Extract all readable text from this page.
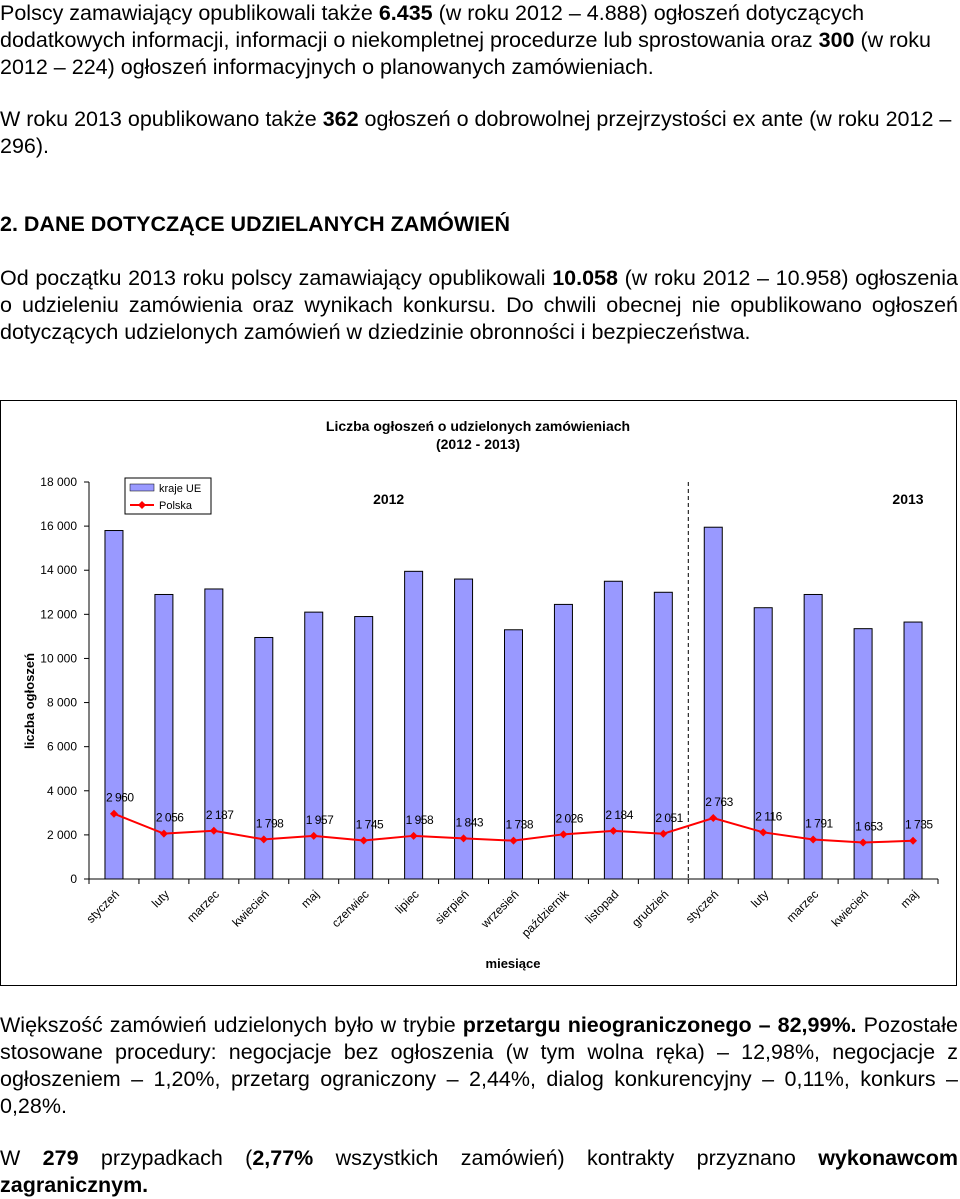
Polscy zamawiający opublikowali także 6.435 (w roku 2012 – 4.888) ogłoszeń dotyczących dodatkowych informacji, informacji o niekompletnej procedurze lub sprostowania oraz 300 (w roku 2012 – 224) ogłoszeń informacyjnych o planowanych zamówieniach.

W roku 2013 opublikowano także 362 ogłoszeń o dobrowolnej przejrzystości ex ante (w roku 2012 – 296).

2. DANE DOTYCZĄCE UDZIELANYCH ZAMÓWIEŃ

Od początku 2013 roku polscy zamawiający opublikowali 10.058 (w roku 2012 – 10.958) ogłoszenia o udzieleniu zamówienia oraz wynikach konkursu. Do chwili obecnej nie opublikowano ogłoszeń dotyczących udzielonych zamówień w dziedzinie obronności i bezpieczeństwa.

Liczba ogłoszeń o udzielonych zamówieniach
(2012 - 2013)
miesiące
liczba ogłoszeń
0
2 000
4 000
6 000
8 000
10 000
12 000
14 000
16 000
18 000
2012	2013
2 960
2 056 2 187
1 798 1 957 1 745 1 958 1 843 1 738 2 026 2 184 2 051
2 763
2 116
1 791 1 653 1 735
styczeń luty marzec kwiecień maj czerwiec lipiec sierpień wrzesień
październik listopad grudzień styczeń luty marzec kwiecień maj
kraje UE
Polska

Większość zamówień udzielonych było w trybie przetargu nieograniczonego – 82,99%. Pozostałe stosowane procedury: negocjacje bez ogłoszenia (w tym wolna ręka) – 12,98%, negocjacje z ogłoszeniem – 1,20%, przetarg ograniczony – 2,44%, dialog konkurencyjny – 0,11%, konkurs – 0,28%.

W 279 przypadkach (2,77% wszystkich zamówień) kontrakty przyznano wykonawcom zagranicznym.
